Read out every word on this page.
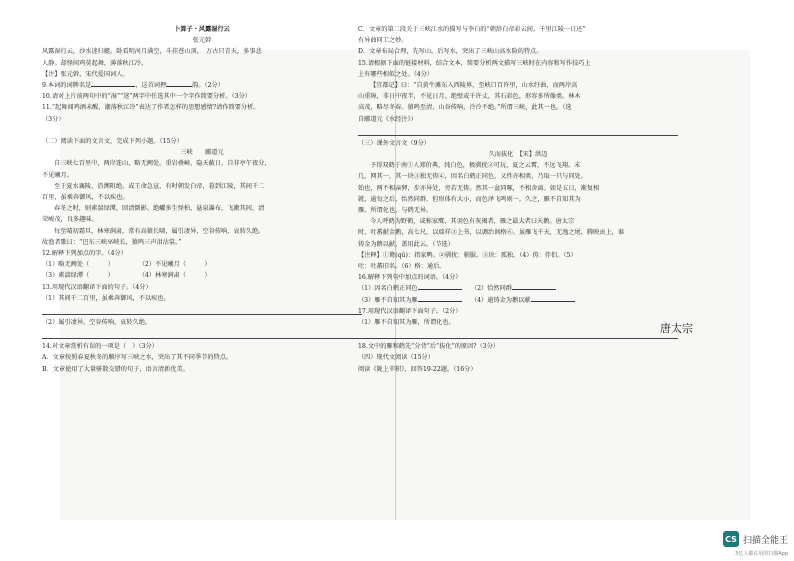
卜算子・风露湿行云

张元幹

风露湿行云，沙水迷归艇。卧看明河月满空，斗挂苍山顶。　万古只青天，多事悲

人静。却怪间鸡莫起舞，薄落秋江冷。

【注】张元幹，宋代爱国词人。

9.本词的词牌名是	，这首词押	韵。（2分）

10.请对上片前两句中的“湿”“迷”两字中任选其中一个字作简要分析。（3分）

11.“起舞闻鸡酒未醒，潮落秋江冷”表达了作者怎样的思想感情?请作简要分析。

（3分）

（二）阅读下面的文言文，完成下列小题。（15分）

三峡　　郦道元

自三峡七百里中，两岸连山，略无阙处。重岩叠嶂，隐天蔽日，自非亭午夜分，

不见曦月。

至于夏水襄陵，沿溯阻绝。或王命急宣，有时朝发白帝，暮到江陵，其间千二

百里，虽乘奔御风，不以疾也。

春冬之时，则素湍绿潭，回清倒影。绝巘多生怪柏，悬泉瀑布，飞漱其间，清

荣峻茂，良多趣味。

每至晴初霜旦，林寒涧肃，常有高猿长啸，属引凄异，空谷传响，哀转久绝。

故渔者歌曰：“巴东三峡巫峡长，猿鸣三声泪沾裳。”

12.解释下列加点的字。（4分）

（1）略无阙处（　　　）　　　　　	（2）不见曦月（　　　）

（3）素湍绿潭（　　　）　　　　　	（4）林寒涧肃（　　　）

13.用现代汉语翻译下面的句子。（4分）

（1）其间千二百里，虽乘奔御风，不以疾也。

（2）属引凄异，空谷传响，哀转久绝。

14.对文章赏析有误的一项是（　）（3分）

A．文章按照春夏秋冬的顺序写三峡之水，突出了其不同季节的特点。

B．文章使用了大量骈散交错的句子，语言清新优美。

C．文章的第二段关于三峡江水的描写与李白的“朝辞白帝彩云间，千里江陵一日还”

有异曲同工之妙。

D．文章布局合理，先写山，后写水，突出了三峡山高水险的特点。

15.请根据下面的链接材料，结合文本，简要分析两文描写三峡时在内容和写作技巧上

上有哪些相似之处。（4分）

【宜都记】曰：“自黄牛滩东入西陵界，至峡口百许里，山水纡曲，而两岸高

山重障，非日中夜半，不见日月。绝壁或千许丈，其石彩色，形容多所像类。林木

高茂，略尽冬春。猿鸣至清，山谷传响，泠泠不绝。”所谓三峡，此其一也。（选

自郦道元《水经注》）

（三）课外文言文（9分）

久而抜化　【宋】洪迈

予得双鹤于南①人郑价典，纯白色，极驯扰②可玩，夏之云霄，不远飞翔。未

几，网其一，其一块③独无俦④，因名白鹤正同色，又性亦相类，乃取一只与同处。

始也，两不相亲狎，步亦异处，旁若无俦。然其一盆同啄，不相舍离。如是五日，渐复相

就，逾旬之后，怡然同群，但形体有大小，而色泽飞鸣则一。久之，雁不自知其为

雁，所谓化也，与鹤无异。

今人呼鹤为野鹤，或称家鹰，其羽色有灰褐者，雁之最大者曰天鹅。唐太宗

时，吐蕃献金鹅，高七尺，以瑞祥③上书，以调治讽格⑥。虽雁飞千天，无逸之尾，腾映贡上，谁

铸金为鹅以献，盖用此云。（节选）

【注释】①鹜(qǔ)：指家鸭。②驯扰：驯服。③块：孤独。（4）俦：伴侣。（5）

吐：吐蕃旧名。（6）格：通后。

16.解释下列句中加点的词语。（4分）

（1）因名白鹤正同色　　	（2）恰然同群

（3）雁不自知其为雁　　	（4）逾铸金为鹅以献

17.用现代汉语翻译下面句子。（2分）

（1）雁不自知其为雁，所谓化也。

18.文中的雁和鹤先“分背”后“抜化”的原因?（3分）

（四）现代文阅读（15分）

阅读《陇上苹积》，回答19-22题。（16分）

唐太宗
CS 扫描全能王
3亿人都在用的扫描App
